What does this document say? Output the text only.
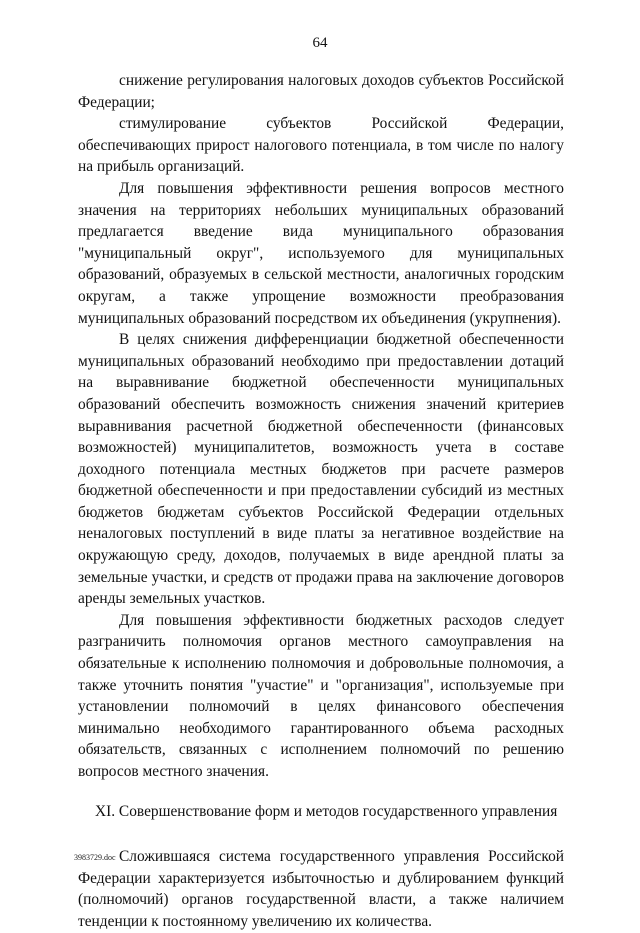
64

снижение регулирования налоговых доходов субъектов Российской Федерации;

стимулирование субъектов Российской Федерации, обеспечивающих прирост налогового потенциала, в том числе по налогу на прибыль организаций.

Для повышения эффективности решения вопросов местного значения на территориях небольших муниципальных образований предлагается введение вида муниципального образования "муниципальный округ", используемого для муниципальных образований, образуемых в сельской местности, аналогичных городским округам, а также упрощение возможности преобразования муниципальных образований посредством их объединения (укрупнения).

В целях снижения дифференциации бюджетной обеспеченности муниципальных образований необходимо при предоставлении дотаций на выравнивание бюджетной обеспеченности муниципальных образований обеспечить возможность снижения значений критериев выравнивания расчетной бюджетной обеспеченности (финансовых возможностей) муниципалитетов, возможность учета в составе доходного потенциала местных бюджетов при расчете размеров бюджетной обеспеченности и при предоставлении субсидий из местных бюджетов бюджетам субъектов Российской Федерации отдельных неналоговых поступлений в виде платы за негативное воздействие на окружающую среду, доходов, получаемых в виде арендной платы за земельные участки, и средств от продажи права на заключение договоров аренды земельных участков.

Для повышения эффективности бюджетных расходов следует разграничить полномочия органов местного самоуправления на обязательные к исполнению полномочия и добровольные полномочия, а также уточнить понятия "участие" и "организация", используемые при установлении полномочий в целях финансового обеспечения минимально необходимого гарантированного объема расходных обязательств, связанных с исполнением полномочий по решению вопросов местного значения.

XI. Совершенствование форм и методов государственного управления

Сложившаяся система государственного управления Российской Федерации характеризуется избыточностью и дублированием функций (полномочий) органов государственной власти, а также наличием тенденции к постоянному увеличению их количества.

3983729.doc
